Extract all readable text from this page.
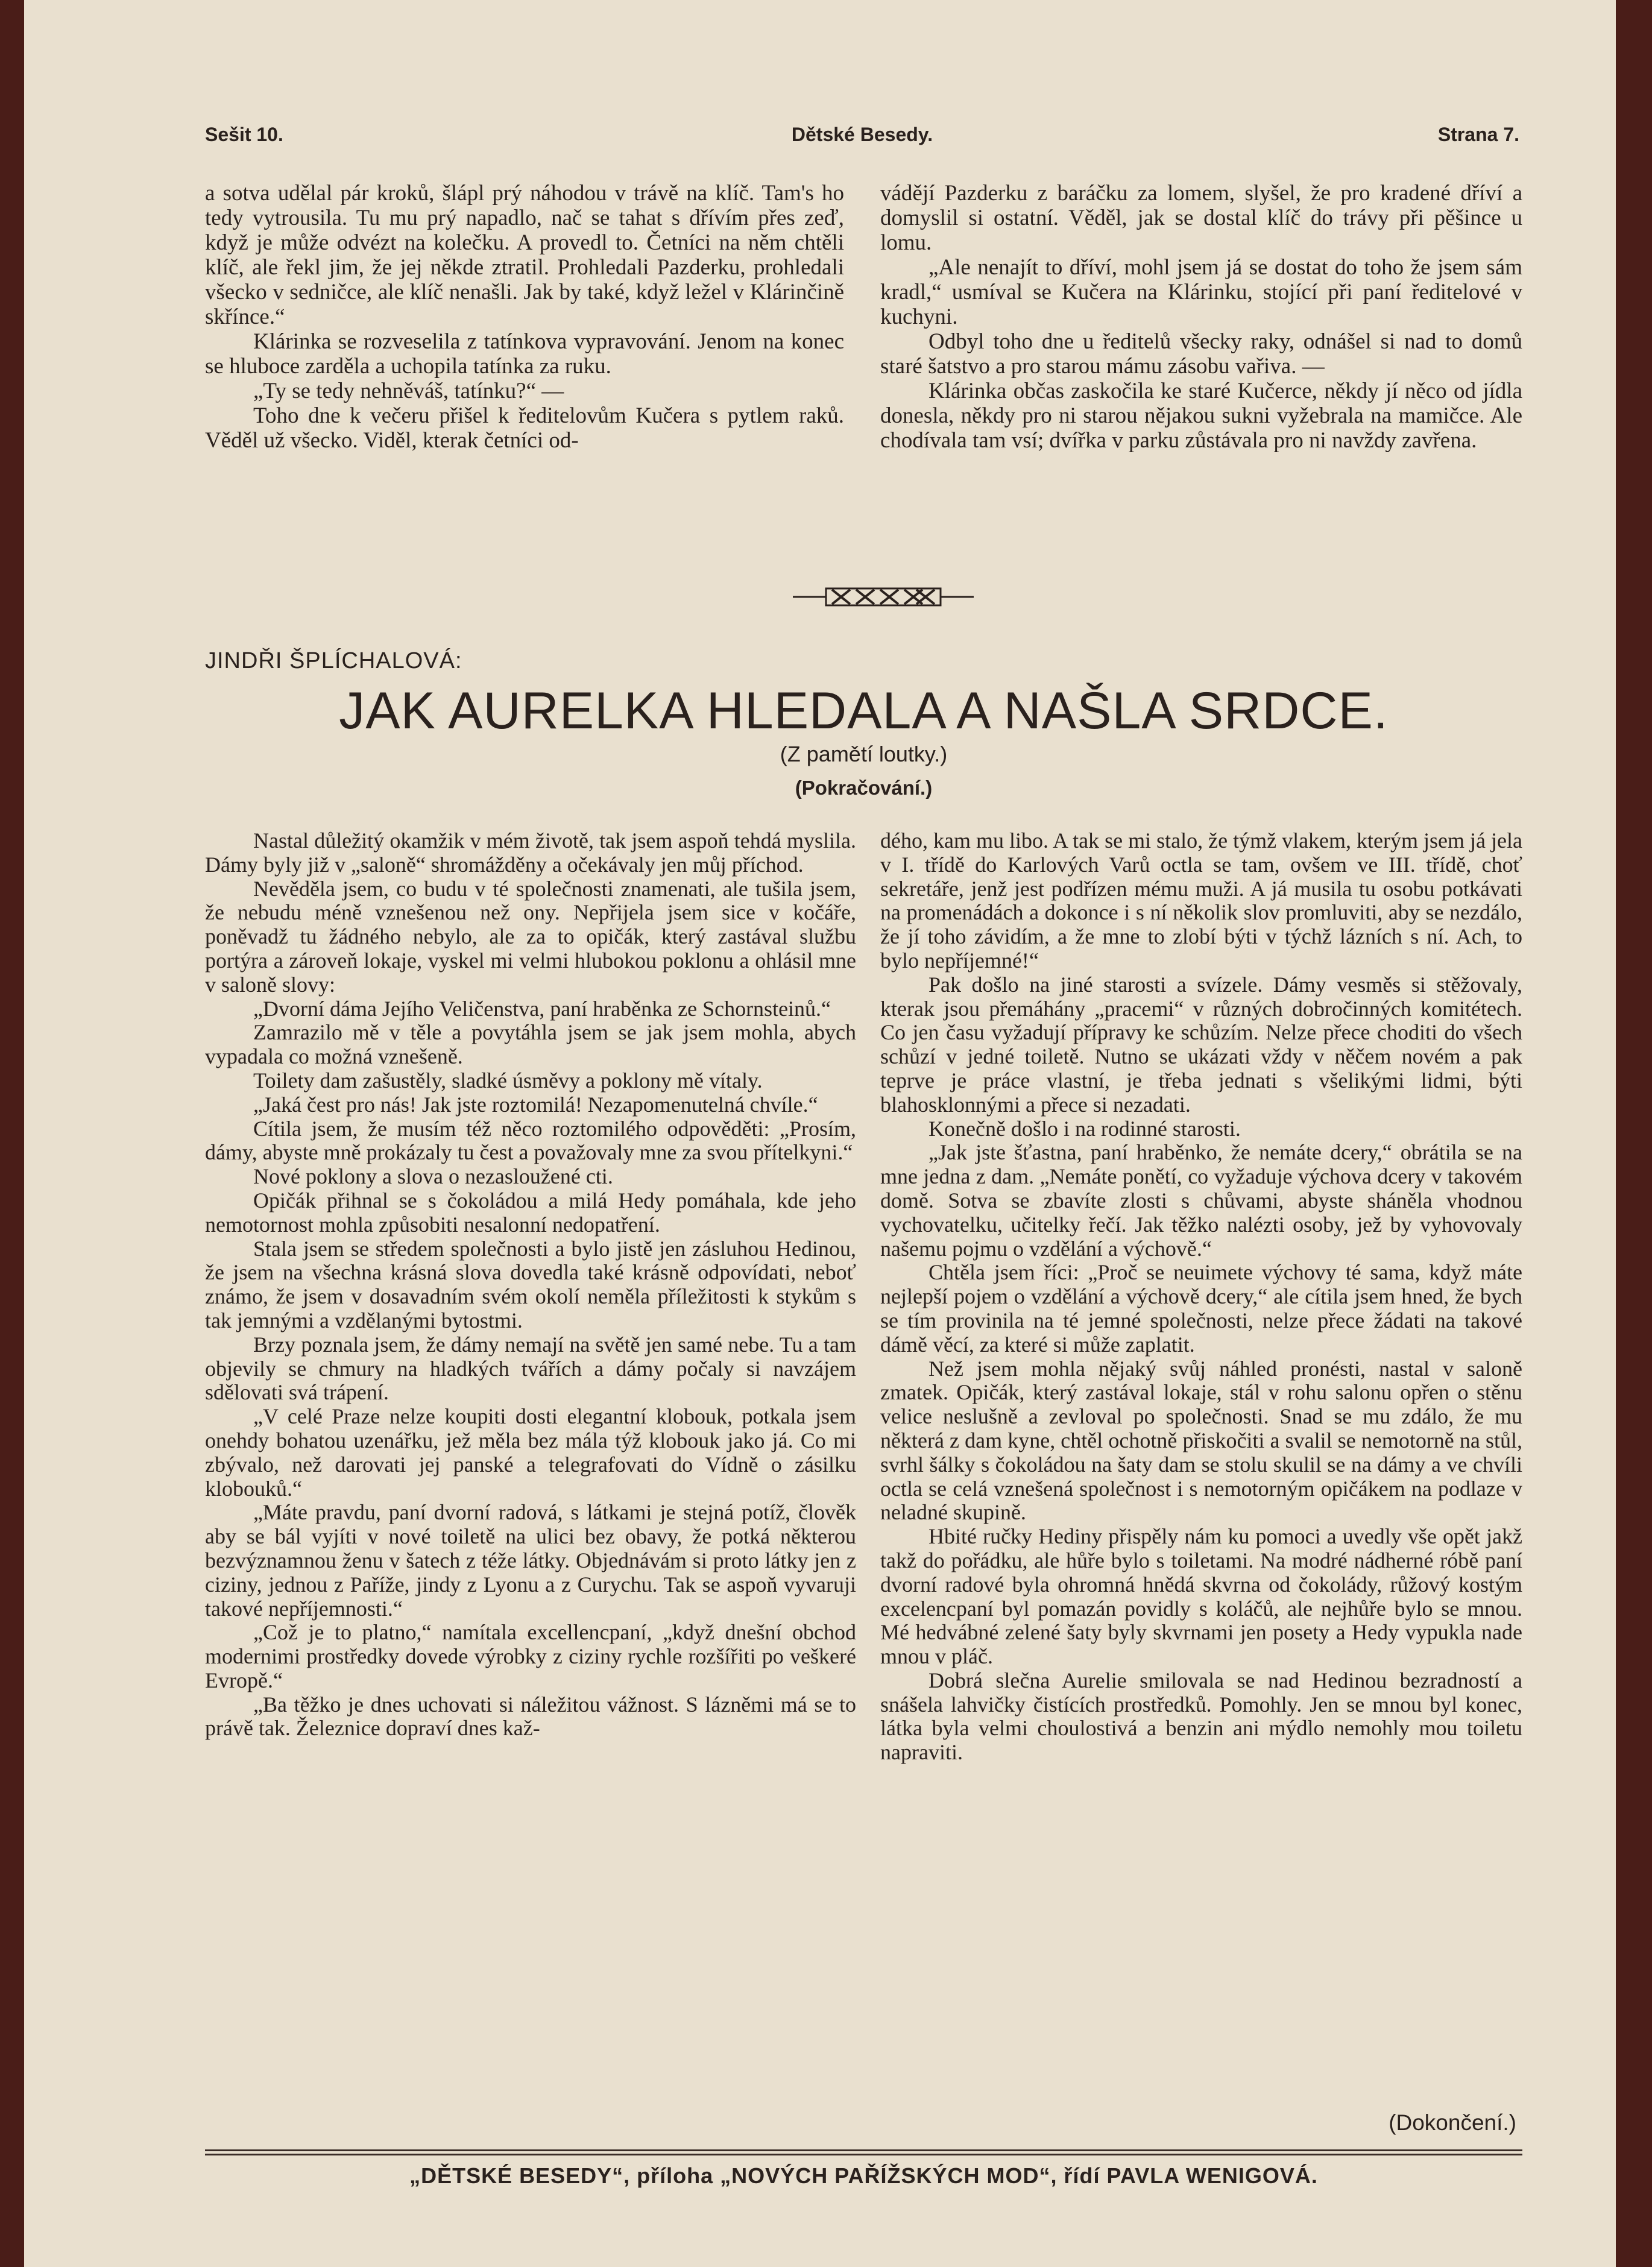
Sešit 10.	Dětské Besedy.	Strana 7.

a sotva udělal pár kroků, šlápl prý náhodou v trávě na klíč. Tam's ho tedy vytrousila. Tu mu prý napadlo, nač se tahat s dřívím přes zeď, když je může odvézt na kolečku. A provedl to. Četníci na něm chtěli klíč, ale řekl jim, že jej někde ztratil. Prohledali Pazderku, prohledali všecko v sedničce, ale klíč nenašli. Jak by také, když ležel v Klárinčině skřínce.“

Klárinka se rozveselila z tatínkova vypravování. Jenom na konec se hluboce zarděla a uchopila tatínka za ruku.

„Ty se tedy nehněváš, tatínku?“ —

Toho dne k večeru přišel k ředitelovům Kučera s pytlem raků. Věděl už všecko. Viděl, kterak četníci od-

vádějí Pazderku z baráčku za lomem, slyšel, že pro kradené dříví a domyslil si ostatní. Věděl, jak se dostal klíč do trávy při pěšince u lomu.

„Ale nenajít to dříví, mohl jsem já se dostat do toho že jsem sám kradl,“ usmíval se Kučera na Klárinku, stojící při paní ředitelové v kuchyni.

Odbyl toho dne u ředitelů všecky raky, odnášel si nad to domů staré šatstvo a pro starou mámu zásobu vařiva. —

Klárinka občas zaskočila ke staré Kučerce, někdy jí něco od jídla donesla, někdy pro ni starou nějakou sukni vyžebrala na mamičce. Ale chodívala tam vsí; dvířka v parku zůstávala pro ni navždy zavřena.

JINDŘI ŠPLÍCHALOVÁ:
JAK AURELKA HLEDALA A NAŠLA SRDCE.
(Z pamětí loutky.)
(Pokračování.)

Nastal důležitý okamžik v mém životě, tak jsem aspoň tehdá myslila. Dámy byly již v „saloně“ shromážděny a očekávaly jen můj příchod.

Nevěděla jsem, co budu v té společnosti znamenati, ale tušila jsem, že nebudu méně vznešenou než ony. Nepřijela jsem sice v kočáře, poněvadž tu žádného nebylo, ale za to opičák, který zastával službu portýra a zároveň lokaje, vyskel mi velmi hlubokou poklonu a ohlásil mne v saloně slovy:

„Dvorní dáma Jejího Veličenstva, paní hraběnka ze Schornsteinů.“

Zamrazilo mě v těle a povytáhla jsem se jak jsem mohla, abych vypadala co možná vznešeně.

Toilety dam zašustěly, sladké úsměvy a poklony mě vítaly.

„Jaká čest pro nás! Jak jste roztomilá! Nezapomenutelná chvíle.“

Cítila jsem, že musím též něco roztomilého odpověděti: „Prosím, dámy, abyste mně prokázaly tu čest a považovaly mne za svou přítelkyni.“

Nové poklony a slova o nezasloužené cti.

Opičák přihnal se s čokoládou a milá Hedy pomáhala, kde jeho nemotornost mohla způsobiti nesalonní nedopatření.

Stala jsem se středem společnosti a bylo jistě jen zásluhou Hedinou, že jsem na všechna krásná slova dovedla také krásně odpovídati, neboť známo, že jsem v dosavadním svém okolí neměla příležitosti k stykům s tak jemnými a vzdělanými bytostmi.

Brzy poznala jsem, že dámy nemají na světě jen samé nebe. Tu a tam objevily se chmury na hladkých tvářích a dámy počaly si navzájem sdělovati svá trápení.

„V celé Praze nelze koupiti dosti elegantní klobouk, potkala jsem onehdy bohatou uzenářku, jež měla bez mála týž klobouk jako já. Co mi zbývalo, než darovati jej panské a telegrafovati do Vídně o zásilku klobouků.“

„Máte pravdu, paní dvorní radová, s látkami je stejná potíž, člověk aby se bál vyjíti v nové toiletě na ulici bez obavy, že potká některou bezvýznamnou ženu v šatech z téže látky. Objednávám si proto látky jen z ciziny, jednou z Paříže, jindy z Lyonu a z Curychu. Tak se aspoň vyvaruji takové nepříjemnosti.“

„Což je to platno,“ namítala excellencpaní, „když dnešní obchod modernimi prostředky dovede výrobky z ciziny rychle rozšířiti po veškeré Evropě.“

„Ba těžko je dnes uchovati si náležitou vážnost. S lázněmi má se to právě tak. Železnice dopraví dnes kaž-

dého, kam mu libo. A tak se mi stalo, že týmž vlakem, kterým jsem já jela v I. třídě do Karlových Varů octla se tam, ovšem ve III. třídě, choť sekretáře, jenž jest podřízen mému muži. A já musila tu osobu potkávati na promenádách a dokonce i s ní několik slov promluviti, aby se nezdálo, že jí toho závidím, a že mne to zlobí býti v týchž lázních s ní. Ach, to bylo nepříjemné!“

Pak došlo na jiné starosti a svízele. Dámy vesměs si stěžovaly, kterak jsou přemáhány „pracemi“ v různých dobročinných komitétech. Co jen času vyžadují přípravy ke schůzím. Nelze přece choditi do všech schůzí v jedné toiletě. Nutno se ukázati vždy v něčem novém a pak teprve je práce vlastní, je třeba jednati s všelikými lidmi, býti blahosklonnými a přece si nezadati.

Konečně došlo i na rodinné starosti.

„Jak jste šťastna, paní hraběnko, že nemáte dcery,“ obrátila se na mne jedna z dam. „Nemáte ponětí, co vyžaduje výchova dcery v takovém domě. Sotva se zbavíte zlosti s chůvami, abyste sháněla vhodnou vychovatelku, učitelky řečí. Jak těžko nalézti osoby, jež by vyhovovaly našemu pojmu o vzdělání a výchově.“

Chtěla jsem říci: „Proč se neuimete výchovy té sama, když máte nejlepší pojem o vzdělání a výchově dcery,“ ale cítila jsem hned, že bych se tím provinila na té jemné společnosti, nelze přece žádati na takové dámě věcí, za které si může zaplatit.

Než jsem mohla nějaký svůj náhled pronésti, nastal v saloně zmatek. Opičák, který zastával lokaje, stál v rohu salonu opřen o stěnu velice neslušně a zevloval po společnosti. Snad se mu zdálo, že mu některá z dam kyne, chtěl ochotně přiskočiti a svalil se nemotorně na stůl, svrhl šálky s čokoládou na šaty dam se stolu skulil se na dámy a ve chvíli octla se celá vznešená společnost i s nemotorným opičákem na podlaze v neladné skupině.

Hbité ručky Hediny přispěly nám ku pomoci a uvedly vše opět jakž takž do pořádku, ale hůře bylo s toiletami. Na modré nádherné róbě paní dvorní radové byla ohromná hnědá skvrna od čokolády, růžový kostým excelencpaní byl pomazán povidly s koláčů, ale nejhůře bylo se mnou. Mé hedvábné zelené šaty byly skvrnami jen posety a Hedy vypukla nade mnou v pláč.

Dobrá slečna Aurelie smilovala se nad Hedinou bezradností a snášela lahvičky čistících prostředků. Pomohly. Jen se mnou byl konec, látka byla velmi choulostivá a benzin ani mýdlo nemohly mou toiletu napraviti.

(Dokončení.)
„DĚTSKÉ BESEDY“, příloha „NOVÝCH PAŘÍŽSKÝCH MOD“, řídí PAVLA WENIGOVÁ.
